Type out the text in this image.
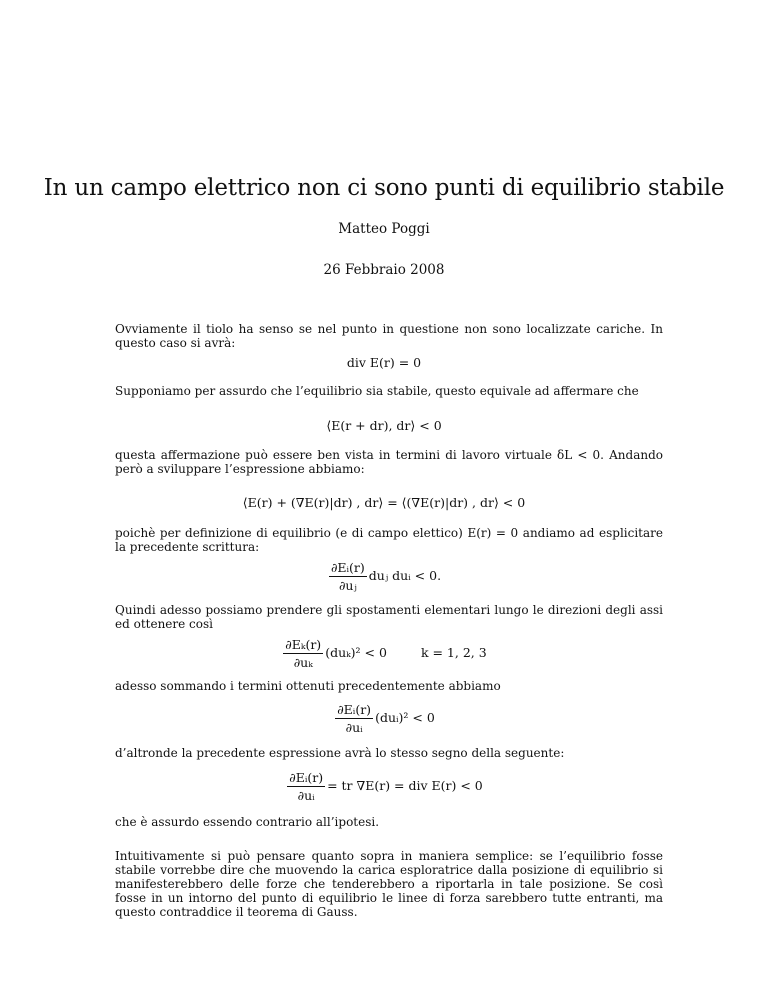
In un campo elettrico non ci sono punti di equilibrio stabile
Matteo Poggi
26 Febbraio 2008

Ovviamente il tiolo ha senso se nel punto in questione non sono localizzate cariche. In questo caso si avrà:

div E(r) = 0

Supponiamo per assurdo che l’equilibrio sia stabile, questo equivale ad affermare che

⟨E(r + dr), dr⟩ < 0

questa affermazione può essere ben vista in termini di lavoro virtuale δL < 0. Andando però a sviluppare l’espressione abbiamo:

⟨E(r) + (∇E(r)|dr) , dr⟩ = ⟨(∇E(r)|dr) , dr⟩ < 0

poichè per definizione di equilibrio (e di campo elettico) E(r) = 0 andiamo ad esplicitare la precedente scrittura:

$\frac{\text{∂Eᵢ(r)}}{\text{∂uⱼ}}$ duⱼ duᵢ < 0.

Quindi adesso possiamo prendere gli spostamenti elementari lungo le direzioni degli assi ed ottenere così

$\frac{\text{∂Eₖ(r)}}{\text{∂uₖ}} (du_k)^2 < 0$	k = 1, 2, 3

adesso sommando i termini ottenuti precedentemente abbiamo

$\frac{\text{∂Eᵢ(r)}}{\text{∂uᵢ}}$ (duᵢ)² < 0

d’altronde la precedente espressione avrà lo stesso segno della seguente:

$\frac{\text{∂Eᵢ(r)}}{\text{∂uᵢ}}$ = tr ∇E(r) = div E(r) < 0

che è assurdo essendo contrario all’ipotesi.

Intuitivamente si può pensare quanto sopra in maniera semplice: se l’equilibrio fosse stabile vorrebbe dire che muovendo la carica esploratrice dalla posizione di equilibrio si manifesterebbero delle forze che tenderebbero a riportarla in tale posizione. Se così fosse in un intorno del punto di equilibrio le linee di forza sarebbero tutte entranti, ma questo contraddice il teorema di Gauss.
